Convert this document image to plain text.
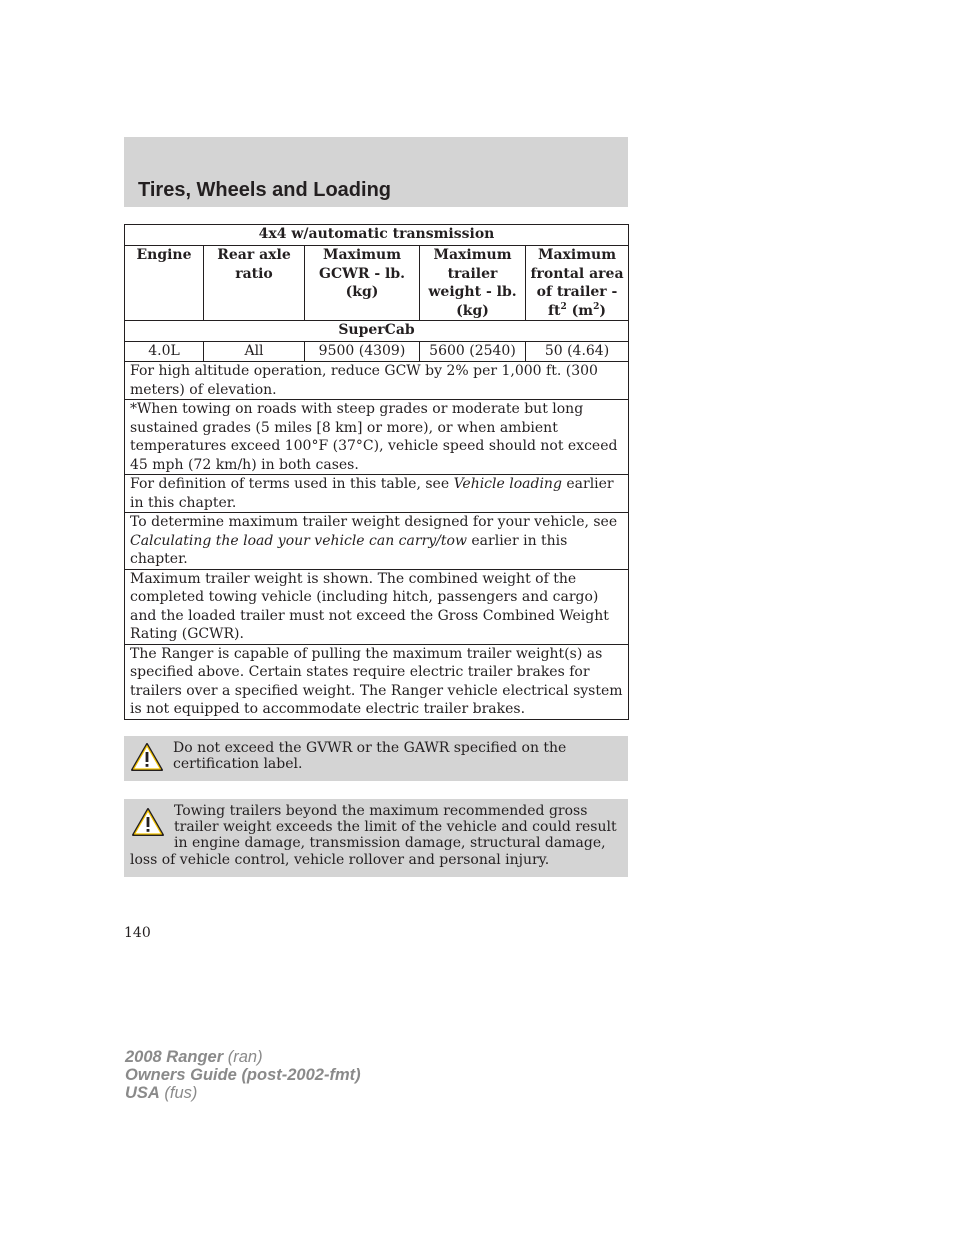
Tires, Wheels and Loading
4x4 w/automatic transmission				
Engine	Rear axle ratio	Maximum GCWR - lb. (kg)	Maximum trailer weight - lb. (kg)	Maximum frontal area of trailer - $ft^2$ $(m^2)$
SuperCab				
4.0L	All	9500 (4309)	5600 (2540)	50 (4.64)
For high altitude operation, reduce GCW by 2% per 1,000 ft. (300 meters) of elevation.				
*When towing on roads with steep grades or moderate but long sustained grades (5 miles [8 km] or more), or when ambient temperatures exceed 100°F (37°C), vehicle speed should not exceed 45 mph (72 km/h) in both cases.				
For definition of terms used in this table, see Vehicle loading earlier in this chapter.				
To determine maximum trailer weight designed for your vehicle, see Calculating the load your vehicle can carry/tow earlier in this chapter.				
Maximum trailer weight is shown. The combined weight of the completed towing vehicle (including hitch, passengers and cargo) and the loaded trailer must not exceed the Gross Combined Weight Rating (GCWR).				
The Ranger is capable of pulling the maximum trailer weight(s) as specified above. Certain states require electric trailer brakes for trailers over a specified weight. The Ranger vehicle electrical system is not equipped to accommodate electric trailer brakes.				
Do not exceed the GVWR or the GAWR specified on the certification label.
Towing trailers beyond the maximum recommended gross trailer weight exceeds the limit of the vehicle and could result in engine damage, transmission damage, structural damage, loss of vehicle control, vehicle rollover and personal injury.
140
2008 Ranger (ran)
Owners Guide (post-2002-fmt)
USA (fus)
